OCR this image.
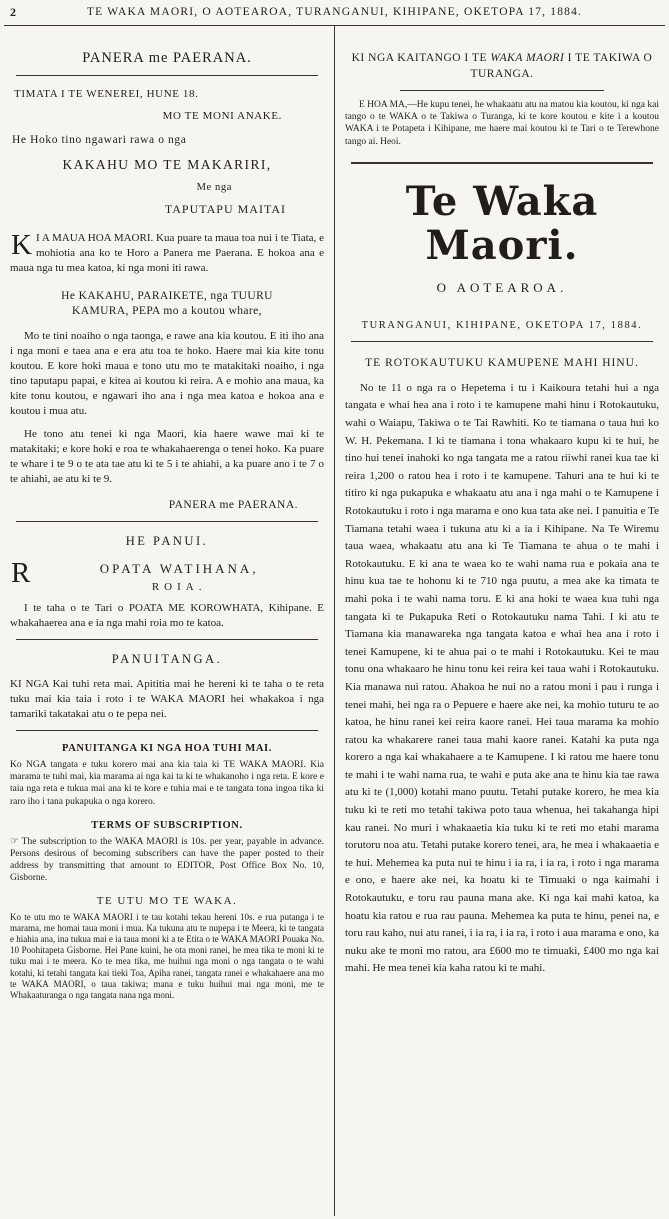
2	TE WAKA MAORI, O AOTEAROA, TURANGANUI, KIHIPANE, OKETOPA 17, 1884.
PANERA me PAERANA.

TIMATA I TE WENEREI, HUNE 18.

MO TE MONI ANAKE.

He Hoko tino ngawari rawa o nga

KAKAHU MO TE MAKARIRI,

Me nga

TAPUTAPU MAITAI

K I A MAUA HOA MAORI. Kua puare ta maua toa nui i te Tiata, e mohiotia ana ko te Horo a Panera me Paerana. E hokoa ana e maua nga tu mea katoa, ki nga moni iti rawa.

He KAKAHU, PARAIKETE, nga TUURU

KAMURA, PEPA mo a koutou whare,

Mo te tini noaiho o nga taonga, e rawe ana kia koutou. E iti iho ana i nga moni e taea ana e era atu toa te hoko. Haere mai kia kite tonu koutou. E kore hoki maua e tono utu mo te matakitaki noaiho, i nga tino taputapu papai, e kitea ai koutou ki reira. A e mohio ana maua, ka kite tonu koutou, e ngawari iho ana i nga mea katoa e hokoa ana e koutou i mua atu.

He tono atu tenei ki nga Maori, kia haere wawe mai ki te matakitaki; e kore hoki e roa te whakahaerenga o tenei hoko. Ka puare te whare i te 9 o te ata tae atu ki te 5 i te ahiahi, a ka puare ano i te 7 o te ahiahi, ae atu ki te 9.

PANERA me PAERANA.

HE PANUI.
R	OPATA WATIHANA,

ROIA.

I te taha o te Tari o POATA ME KOROWHATA, Kihipane. E whakahaerea ana e ia nga mahi roia mo te katoa.

PANUITANGA.

KI NGA Kai tuhi reta mai. Apititia mai he hereni ki te taha o te reta tuku mai kia taia i roto i te WAKA MAORI hei whakakoa i nga tamariki takatakai atu o te pepa nei.

PANUITANGA KI NGA HOA TUHI MAI.

Ko NGA tangata e tuku korero mai ana kia taia ki TE WAKA MAORI. Kia marama te tuhi mai, kia marama ai nga kai ta ki te whakanoho i nga reta. E kore e taia nga reta e tukua mai ana ki te kore e tuhia mai e te tangata tona ingoa tika ki raro iho i tana pukapuka o nga korero.

TERMS OF SUBSCRIPTION.

☞ The subscription to the WAKA MAORI is 10s. per year, payable in advance. Persons desirous of becoming subscribers can have the paper posted to their address by transmitting that amount to EDITOR, Post Office Box No. 10, Gisborne.

TE UTU MO TE WAKA.

Ko te utu mo te WAKA MAORI i te tau kotahi tekau hereni 10s. e rua putanga i te marama, me homai taua moni i mua. Ka tukuna atu te nupepa i te Meera, ki te tangata e hiahia ana, ina tukua mai e ia taua moni ki a te Etita o te WAKA MAORI Pouaka No. 10 Poohitapeta Gisborne. Hei Pane kuini, he ota moni ranei, he mea tika te moni ki te tuku mai i te meera. Ko te mea tika, me huihui nga moni o nga tangata o te wahi kotahi, ki tetahi tangata kai tieki Toa, Apiha ranei, tangata ranei e whakahaere ana mo te WAKA MAORI, o taua takiwa; mana e tuku huihui mai nga moni, me te Whakaaturanga o nga tangata nana nga moni.

KI NGA KAITANGO I TE WAKA MAORI I TE TAKIWA O TURANGA.

E HOA MA,—He kupu tenei, he whakaatu atu na matou kia koutou, ki nga kai tango o te WAKA o te Takiwa o Turanga, ki te kore koutou e kite i a koutou WAKA i te Potapeta i Kihipane, me haere mai koutou ki te Tari o te Terewhone tango ai. Heoi.

Te Waka Maori.
O AOTEAROA.

TURANGANUI, KIHIPANE, OKETOPA 17, 1884.

TE ROTOKAUTUKU KAMUPENE MAHI HINU.

No te 11 o nga ra o Hepetema i tu i Kaikoura tetahi hui a nga tangata e whai hea ana i roto i te kamupene mahi hinu i Rotokautuku, wahi o Waiapu, Takiwa o te Tai Rawhiti. Ko te tiamana o taua hui ko W. H. Pekemana. I ki te tiamana i tona whakaaro kupu ki te hui, he tino hui tenei inahoki ko nga tangata me a ratou riiwhi ranei kua tae ki reira 1,200 o ratou hea i roto i te kamupene. Tahuri ana te hui ki te titiro ki nga pukapuka e whakaatu atu ana i nga mahi o te Kamupene i Rotokautuku i roto i nga marama e ono kua tata ake nei. I panuitia e Te Tiamana tetahi waea i tukuna atu ki a ia i Kihipane. Na Te Wiremu taua waea, whakaatu atu ana ki Te Tiamana te ahua o te mahi i Rotokautuku. E ki ana te waea ko te wahi nama rua e pokaia ana te hinu kua tae te hohonu ki te 710 nga puutu, a mea ake ka timata te mahi poka i te wahi nama toru. E ki ana hoki te waea kua tuhi nga tangata ki te Pukapuka Reti o Rotokautuku nama Tahi. I ki atu te Tiamana kia manawareka nga tangata katoa e whai hea ana i roto i tenei Kamupene, ki te ahua pai o te mahi i Rotokautuku. Kei te mau tonu ona whakaaro he hinu tonu kei reira kei taua wahi i Rotokautuku. Kia manawa nui ratou. Ahakoa he nui no a ratou moni i pau i runga i tenei mahi, hei nga ra o Pepuere e haere ake nei, ka mohio tuturu te ao katoa, he hinu ranei kei reira kaore ranei. Hei taua marama ka mohio ratou ka whakarere ranei taua mahi kaore ranei. Katahi ka puta nga korero a nga kai whakahaere a te Kamupene. I ki ratou me haere tonu te mahi i te wahi nama rua, te wahi e puta ake ana te hinu kia tae rawa atu ki te (1,000) kotahi mano puutu. Tetahi putake korero, he mea kia tuku ki te reti mo tetahi takiwa poto taua whenua, hei takahanga hipi kau ranei. No muri i whakaaetia kia tuku ki te reti mo etahi marama torutoru noa atu. Tetahi putake korero tenei, ara, he mea i whakaaetia e te hui. Mehemea ka puta nui te hinu i ia ra, i ia ra, i roto i nga marama e ono, e haere ake nei, ka hoatu ki te Timuaki o nga kaimahi i Rotokautuku, e toru rau pauna mana ake. Ki nga kai mahi katoa, ka hoatu kia ratou e rua rau pauna. Mehemea ka puta te hinu, penei na, e toru rau kaho, nui atu ranei, i ia ra, i ia ra, i roto i aua marama e ono, ka nuku ake te moni mo ratou, ara £600 mo te timuaki, £400 mo nga kai mahi. He mea tenei kia kaha ratou ki te mahi.
